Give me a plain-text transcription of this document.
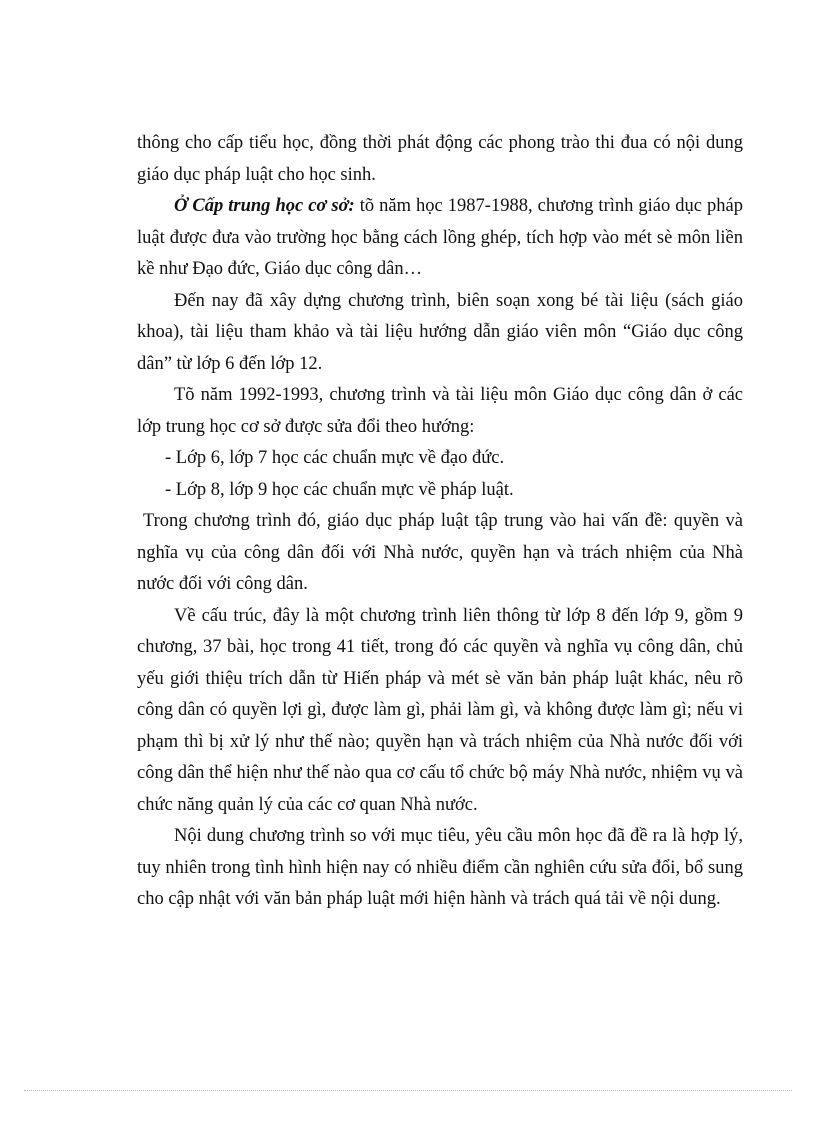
thông cho cấp tiểu học, đồng thời phát động các phong trào thi đua có nội dung giáo dục pháp luật cho học sinh.

Ở Cấp trung học cơ sở: tõ năm học 1987-1988, chương trình giáo dục pháp luật được đưa vào trường học bằng cách lồng ghép, tích hợp vào mét sè môn liền kề như Đạo đức, Giáo dục công dân…

Đến nay đã xây dựng chương trình, biên soạn xong bé tài liệu (sách giáo khoa), tài liệu tham khảo và tài liệu hướng dẫn giáo viên môn “Giáo dục công dân” từ lớp 6 đến lớp 12.

Tõ năm 1992-1993, chương trình và tài liệu môn Giáo dục công dân ở các lớp trung học cơ sở được sửa đổi theo hướng:

- Lớp 6, lớp 7 học các chuẩn mực về đạo đức.

- Lớp 8, lớp 9 học các chuẩn mực về pháp luật.

Trong chương trình đó, giáo dục pháp luật tập trung vào hai vấn đề: quyền và nghĩa vụ của công dân đối với Nhà nước, quyền hạn và trách nhiệm của Nhà nước đối với công dân.

Về cấu trúc, đây là một chương trình liên thông từ lớp 8 đến lớp 9, gồm 9 chương, 37 bài, học trong 41 tiết, trong đó các quyền và nghĩa vụ công dân, chủ yếu giới thiệu trích dẫn từ Hiến pháp và mét sè văn bản pháp luật khác, nêu rõ công dân có quyền lợi gì, được làm gì, phải làm gì, và không được làm gì; nếu vi phạm thì bị xử lý như thế nào; quyền hạn và trách nhiệm của Nhà nước đối với công dân thể hiện như thế nào qua cơ cấu tổ chức bộ máy Nhà nước, nhiệm vụ và chức năng quản lý của các cơ quan Nhà nước.

Nội dung chương trình so với mục tiêu, yêu cầu môn học đã đề ra là hợp lý, tuy nhiên trong tình hình hiện nay có nhiều điểm cần nghiên cứu sửa đổi, bổ sung cho cập nhật với văn bản pháp luật mới hiện hành và trách quá tải về nội dung.
